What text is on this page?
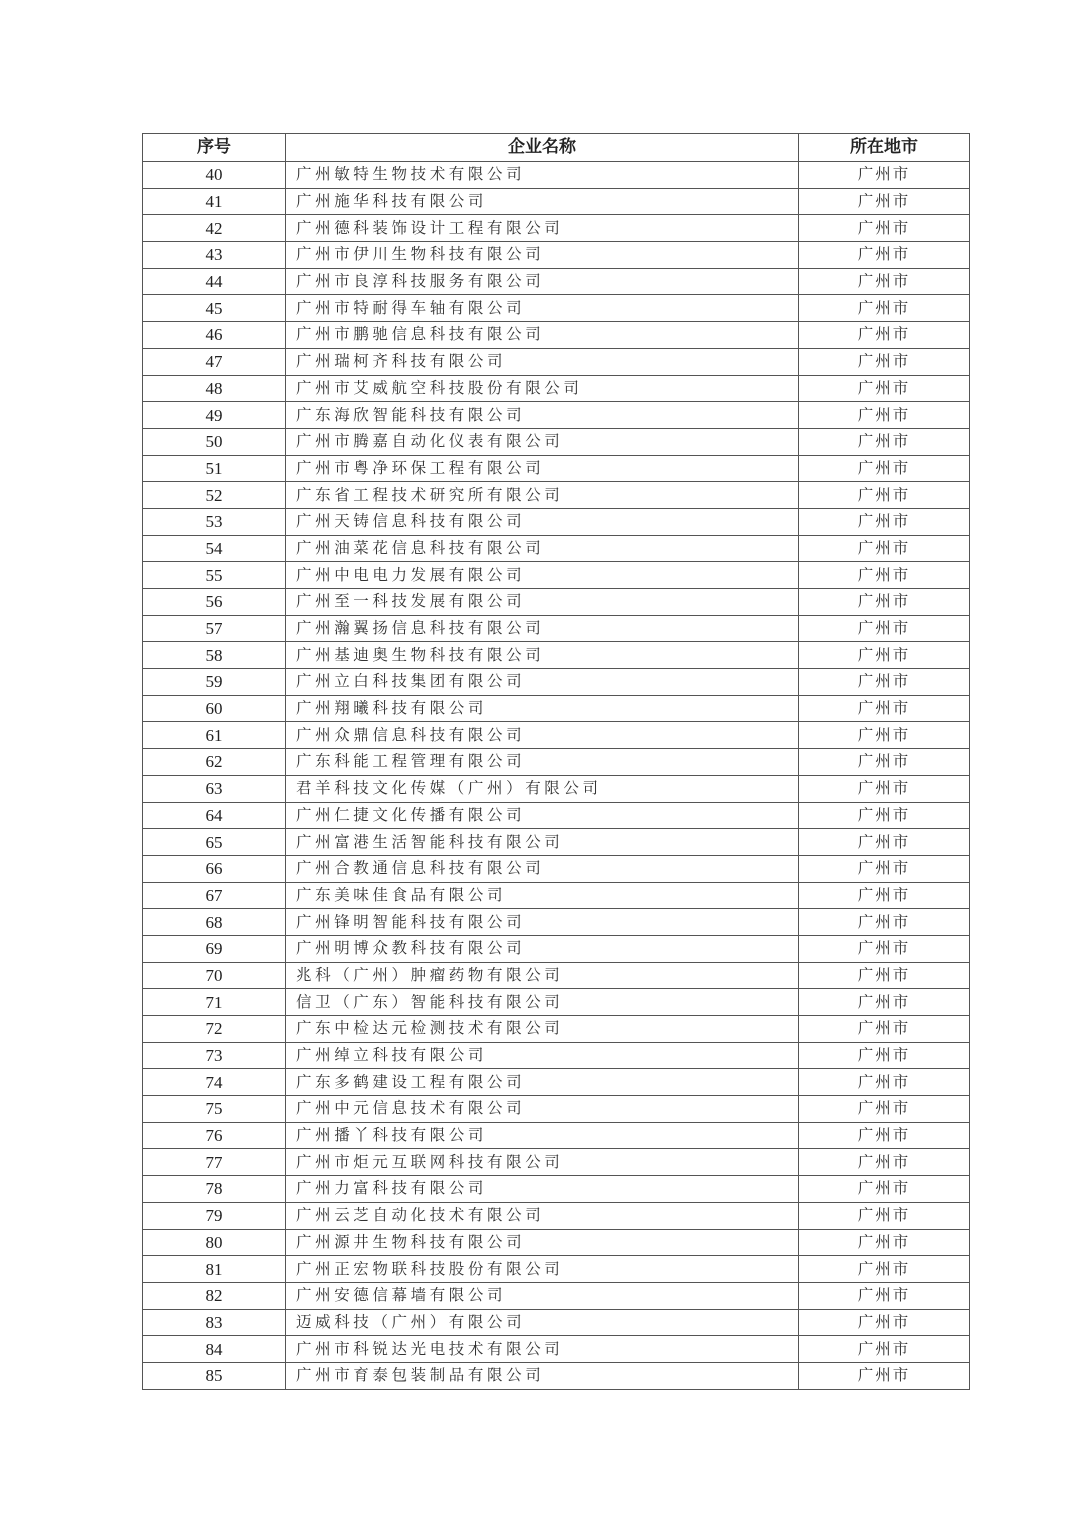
序号	企业名称	所在地市
40	广州敏特生物技术有限公司	广州市
41	广州施华科技有限公司	广州市
42	广州德科装饰设计工程有限公司	广州市
43	广州市伊川生物科技有限公司	广州市
44	广州市良淳科技服务有限公司	广州市
45	广州市特耐得车轴有限公司	广州市
46	广州市鹏驰信息科技有限公司	广州市
47	广州瑞柯齐科技有限公司	广州市
48	广州市艾威航空科技股份有限公司	广州市
49	广东海欣智能科技有限公司	广州市
50	广州市腾嘉自动化仪表有限公司	广州市
51	广州市粤净环保工程有限公司	广州市
52	广东省工程技术研究所有限公司	广州市
53	广州天铸信息科技有限公司	广州市
54	广州油菜花信息科技有限公司	广州市
55	广州中电电力发展有限公司	广州市
56	广州至一科技发展有限公司	广州市
57	广州瀚翼扬信息科技有限公司	广州市
58	广州基迪奥生物科技有限公司	广州市
59	广州立白科技集团有限公司	广州市
60	广州翔曦科技有限公司	广州市
61	广州众鼎信息科技有限公司	广州市
62	广东科能工程管理有限公司	广州市
63	君羊科技文化传媒（广州）有限公司	广州市
64	广州仁捷文化传播有限公司	广州市
65	广州富港生活智能科技有限公司	广州市
66	广州合教通信息科技有限公司	广州市
67	广东美味佳食品有限公司	广州市
68	广州锋明智能科技有限公司	广州市
69	广州明博众教科技有限公司	广州市
70	兆科（广州）肿瘤药物有限公司	广州市
71	信卫（广东）智能科技有限公司	广州市
72	广东中检达元检测技术有限公司	广州市
73	广州绰立科技有限公司	广州市
74	广东多鹤建设工程有限公司	广州市
75	广州中元信息技术有限公司	广州市
76	广州播丫科技有限公司	广州市
77	广州市炬元互联网科技有限公司	广州市
78	广州力富科技有限公司	广州市
79	广州云芝自动化技术有限公司	广州市
80	广州源井生物科技有限公司	广州市
81	广州正宏物联科技股份有限公司	广州市
82	广州安德信幕墙有限公司	广州市
83	迈威科技（广州）有限公司	广州市
84	广州市科锐达光电技术有限公司	广州市
85	广州市育泰包装制品有限公司	广州市
